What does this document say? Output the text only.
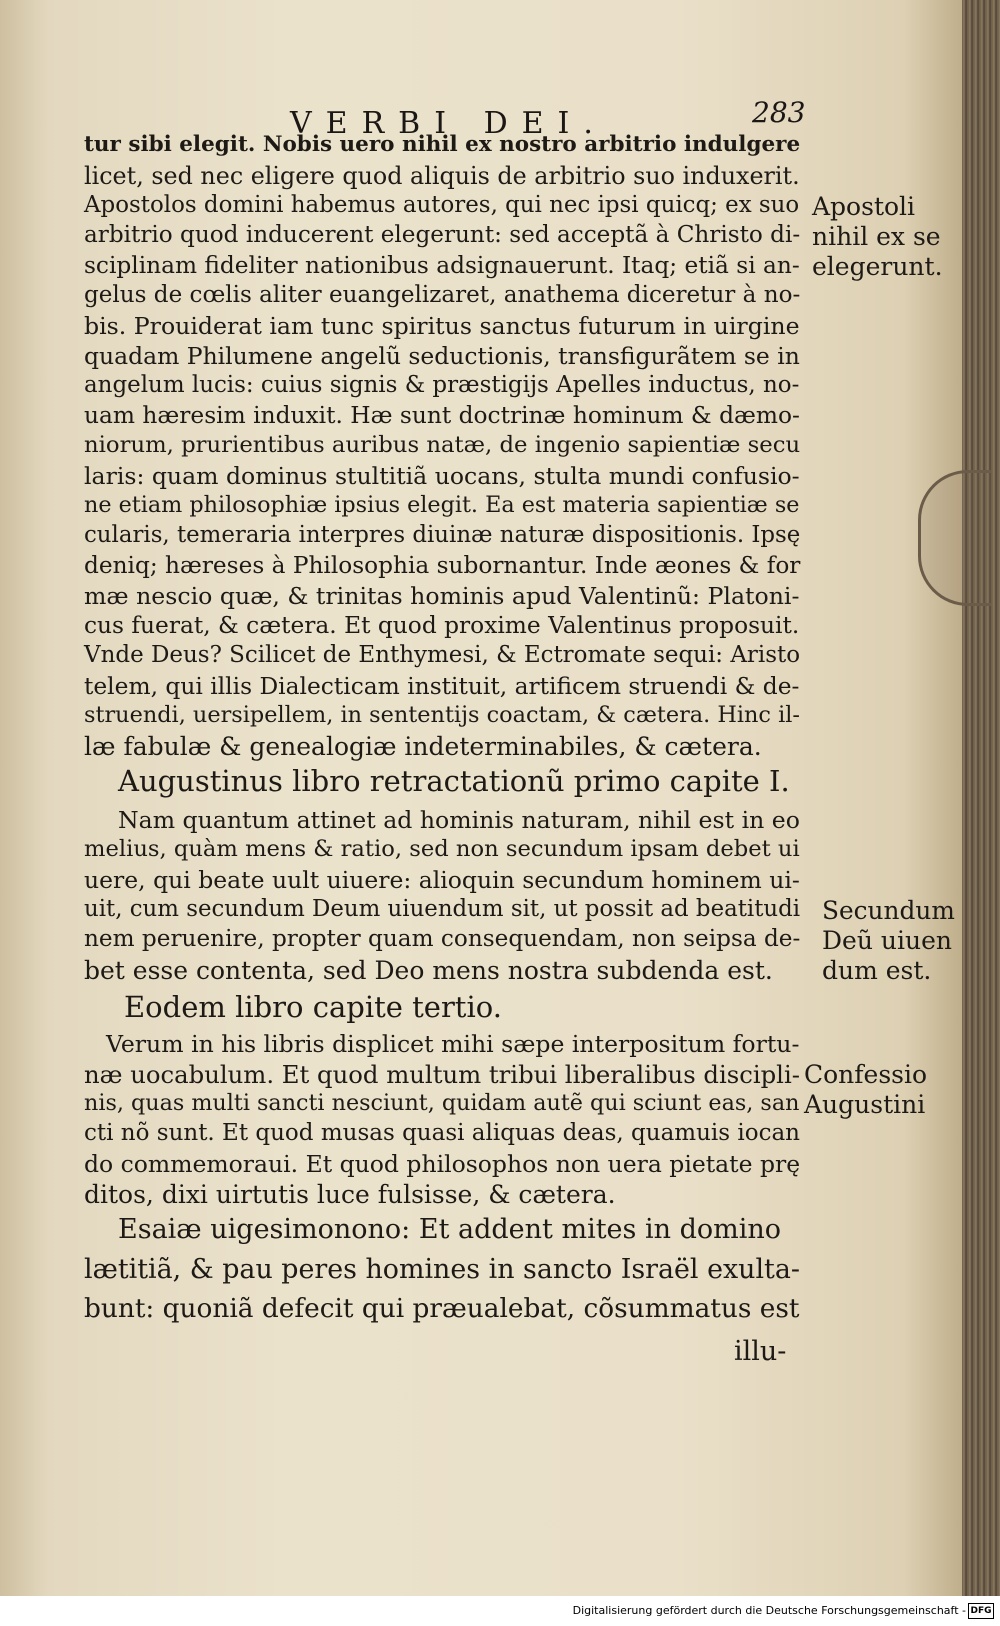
VERBI DEI.	283
tur sibi elegit. Nobis uero nihil ex nostro arbitrio indulgere
licet, sed nec eligere quod aliquis de arbitrio suo induxerit.
Apostolos domini habemus autores, qui nec ipsi quicq; ex suo
arbitrio quod inducerent elegerunt: sed acceptã à Christo di-
sciplinam fideliter nationibus adsignauerunt. Itaq; etiã si an-
gelus de cœlis aliter euangelizaret, anathema diceretur à no-
bis. Prouiderat iam tunc spiritus sanctus futurum in uirgine
quadam Philumene angelũ seductionis, transfigurãtem se in
angelum lucis: cuius signis & præstigijs Apelles inductus, no-
uam hæresim induxit. Hæ sunt doctrinæ hominum & dæmo-
niorum, prurientibus auribus natæ, de ingenio sapientiæ secu
laris: quam dominus stultitiã uocans, stulta mundi confusio-
ne etiam philosophiæ ipsius elegit. Ea est materia sapientiæ se
cularis, temeraria interpres diuinæ naturæ dispositionis. Ipsę
deniq; hæreses à Philosophia subornantur. Inde æones & for
mæ nescio quæ, & trinitas hominis apud Valentinũ: Platoni-
cus fuerat, & cætera. Et quod proxime Valentinus proposuit.
Vnde Deus? Scilicet de Enthymesi, & Ectromate sequi: Aristo
telem, qui illis Dialecticam instituit, artificem struendi & de-
struendi, uersipellem, in sententijs coactam, & cætera. Hinc il-
læ fabulæ & genealogiæ indeterminabiles, & cætera.
Augustinus libro retractationũ primo capite I.
Nam quantum attinet ad hominis naturam, nihil est in eo
melius, quàm mens & ratio, sed non secundum ipsam debet ui
uere, qui beate uult uiuere: alioquin secundum hominem ui-
uit, cum secundum Deum uiuendum sit, ut possit ad beatitudi
nem peruenire, propter quam consequendam, non seipsa de-
bet esse contenta, sed Deo mens nostra subdenda est.
Eodem libro capite tertio.
Verum in his libris displicet mihi sæpe interpositum fortu-
næ uocabulum. Et quod multum tribui liberalibus discipli-
nis, quas multi sancti nesciunt, quidam autẽ qui sciunt eas, san
cti nõ sunt. Et quod musas quasi aliquas deas, quamuis iocan
do commemoraui. Et quod philosophos non uera pietate prę
ditos, dixi uirtutis luce fulsisse, & cætera.
Esaiæ uigesimonono: Et addent mites in domino
lætitiã, & pau peres homines in sancto Israël exulta-
bunt: quoniã defecit qui præualebat, cõsummatus est
illu-
Apostoli
nihil ex se
elegerunt.
Secundum
Deũ uiuen
dum est.
Confessio
Augustini
Digitalisierung gefördert durch die Deutsche Forschungsgemeinschaft - DFG
